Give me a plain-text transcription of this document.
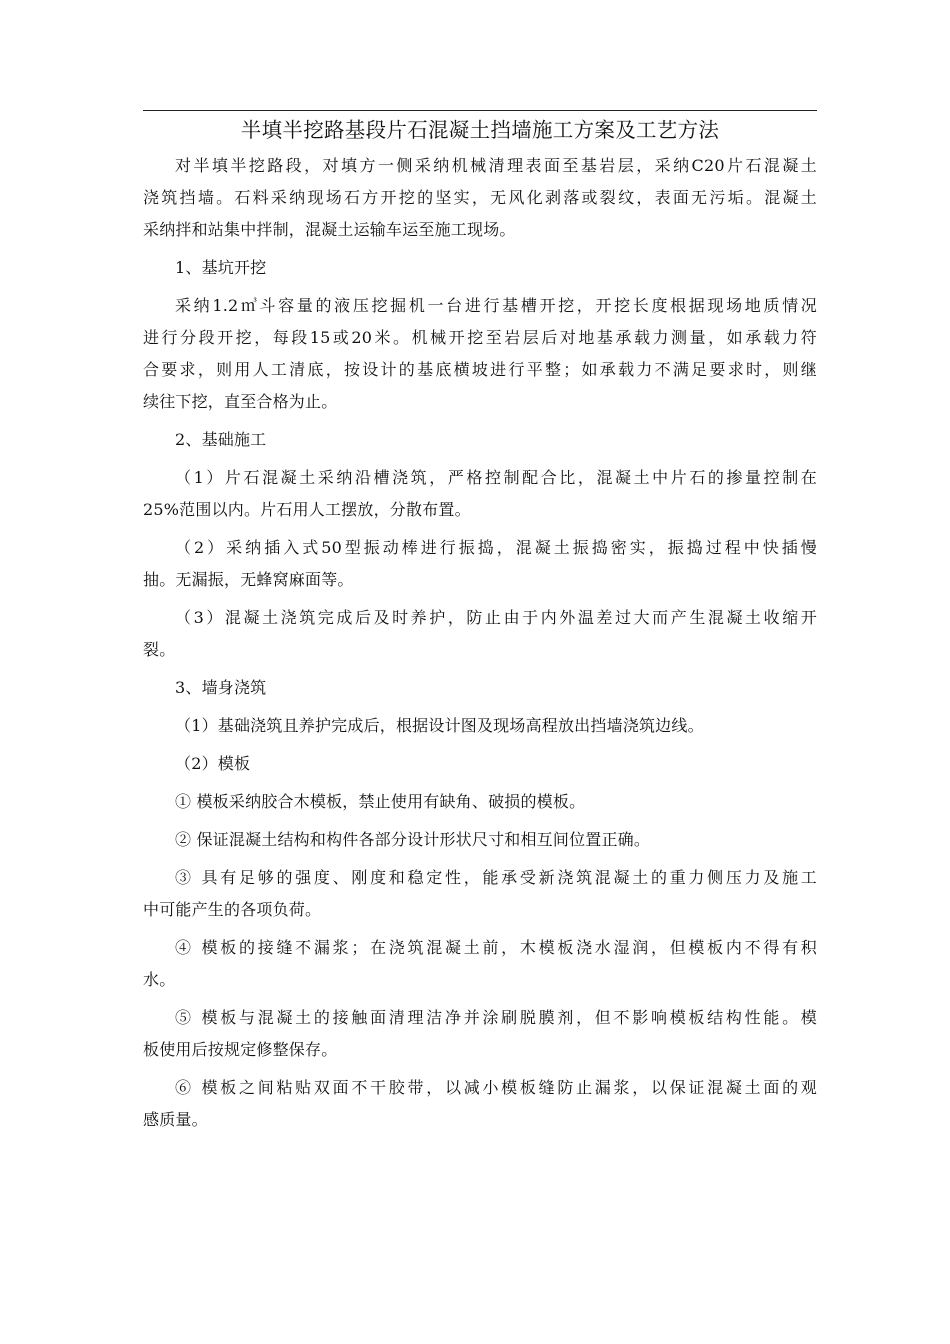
半填半挖路基段片石混凝土挡墙施工方案及工艺方法
对半填半挖路段，对填方一侧采纳机械清理表面至基岩层，采纳C20片石混凝土
浇筑挡墙。石料采纳现场石方开挖的坚实，无风化剥落或裂纹，表面无污垢。混凝土
采纳拌和站集中拌制，混凝土运输车运至施工现场。
1、基坑开挖
采纳1.2㎥斗容量的液压挖掘机一台进行基槽开挖，开挖长度根据现场地质情况
进行分段开挖，每段15或20米。机械开挖至岩层后对地基承载力测量，如承载力符
合要求，则用人工清底，按设计的基底横坡进行平整；如承载力不满足要求时，则继
续往下挖，直至合格为止。
2、基础施工
（1）片石混凝土采纳沿槽浇筑，严格控制配合比，混凝土中片石的掺量控制在
25%范围以内。片石用人工摆放，分散布置。
（2）采纳插入式50型振动棒进行振捣，混凝土振捣密实，振捣过程中快插慢
抽。无漏振，无蜂窝麻面等。
（3）混凝土浇筑完成后及时养护，防止由于内外温差过大而产生混凝土收缩开
裂。
3、墙身浇筑
（1）基础浇筑且养护完成后，根据设计图及现场高程放出挡墙浇筑边线。
（2）模板
① 模板采纳胶合木模板，禁止使用有缺角、破损的模板。
② 保证混凝土结构和构件各部分设计形状尺寸和相互间位置正确。
③ 具有足够的强度、刚度和稳定性，能承受新浇筑混凝土的重力侧压力及施工
中可能产生的各项负荷。
④ 模板的接缝不漏浆；在浇筑混凝土前，木模板浇水湿润，但模板内不得有积
水。
⑤ 模板与混凝土的接触面清理洁净并涂刷脱膜剂，但不影响模板结构性能。模
板使用后按规定修整保存。
⑥ 模板之间粘贴双面不干胶带，以减小模板缝防止漏浆，以保证混凝土面的观
感质量。
